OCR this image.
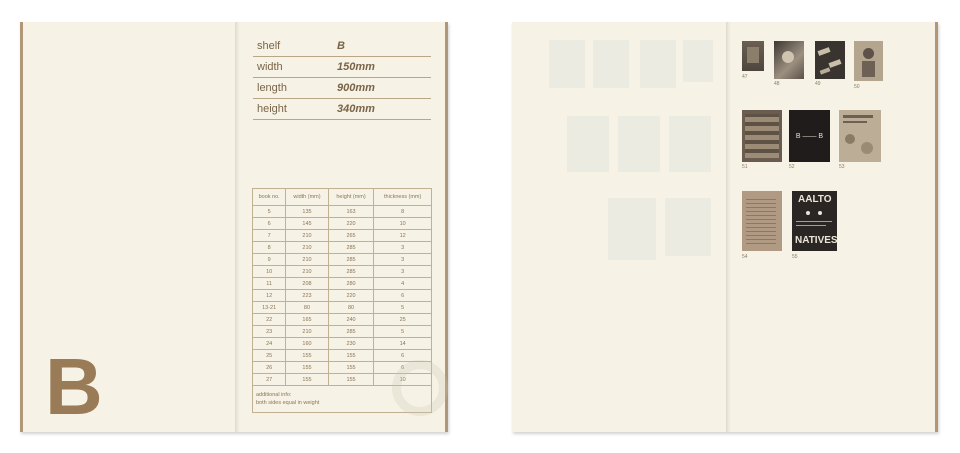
shelf	B
width	150mm
length	900mm
height	340mm
book no.	width (mm)	height (mm)	thickness (mm)
5	135	163	8
6	145	220	10
7	210	265	12
8	210	285	3
9	210	285	3
10	210	285	3
11	208	280	4
12	223	220	6
13-21	80	80	5
22	165	240	25
23	210	285	5
24	160	230	14
25	155	155	6
26	155	155	6
27	155	155	10
additional info:
both sides equal in weight			
B
47
48	49	50
51
B —— B
52	53
54
AALTO
NATIVES
55
